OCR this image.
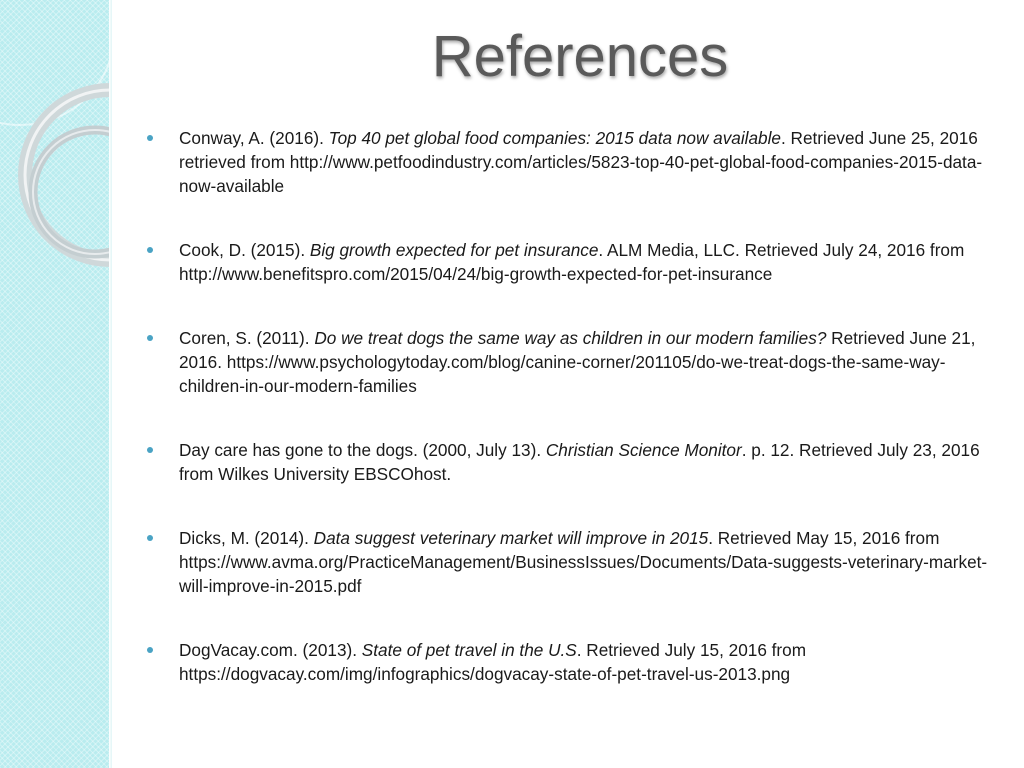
References
Conway, A. (2016). Top 40 pet global food companies: 2015 data now available. Retrieved June 25, 2016 retrieved from http://www.petfoodindustry.com/articles/5823-top-40-pet-global-food-companies-2015-data-now-available
Cook, D. (2015). Big growth expected for pet insurance. ALM Media, LLC. Retrieved July 24, 2016 from http://www.benefitspro.com/2015/04/24/big-growth-expected-for-pet-insurance
Coren, S. (2011). Do we treat dogs the same way as children in our modern families? Retrieved June 21, 2016. https://www.psychologytoday.com/blog/canine-corner/201105/do-we-treat-dogs-the-same-way-children-in-our-modern-families
Day care has gone to the dogs. (2000, July 13). Christian Science Monitor. p. 12. Retrieved July 23, 2016 from Wilkes University EBSCOhost.
Dicks, M. (2014). Data suggest veterinary market will improve in 2015. Retrieved May 15, 2016 from https://www.avma.org/PracticeManagement/BusinessIssues/Documents/Data-suggests-veterinary-market-will-improve-in-2015.pdf
DogVacay.com. (2013). State of pet travel in the U.S. Retrieved July 15, 2016 from https://dogvacay.com/img/infographics/dogvacay-state-of-pet-travel-us-2013.png
